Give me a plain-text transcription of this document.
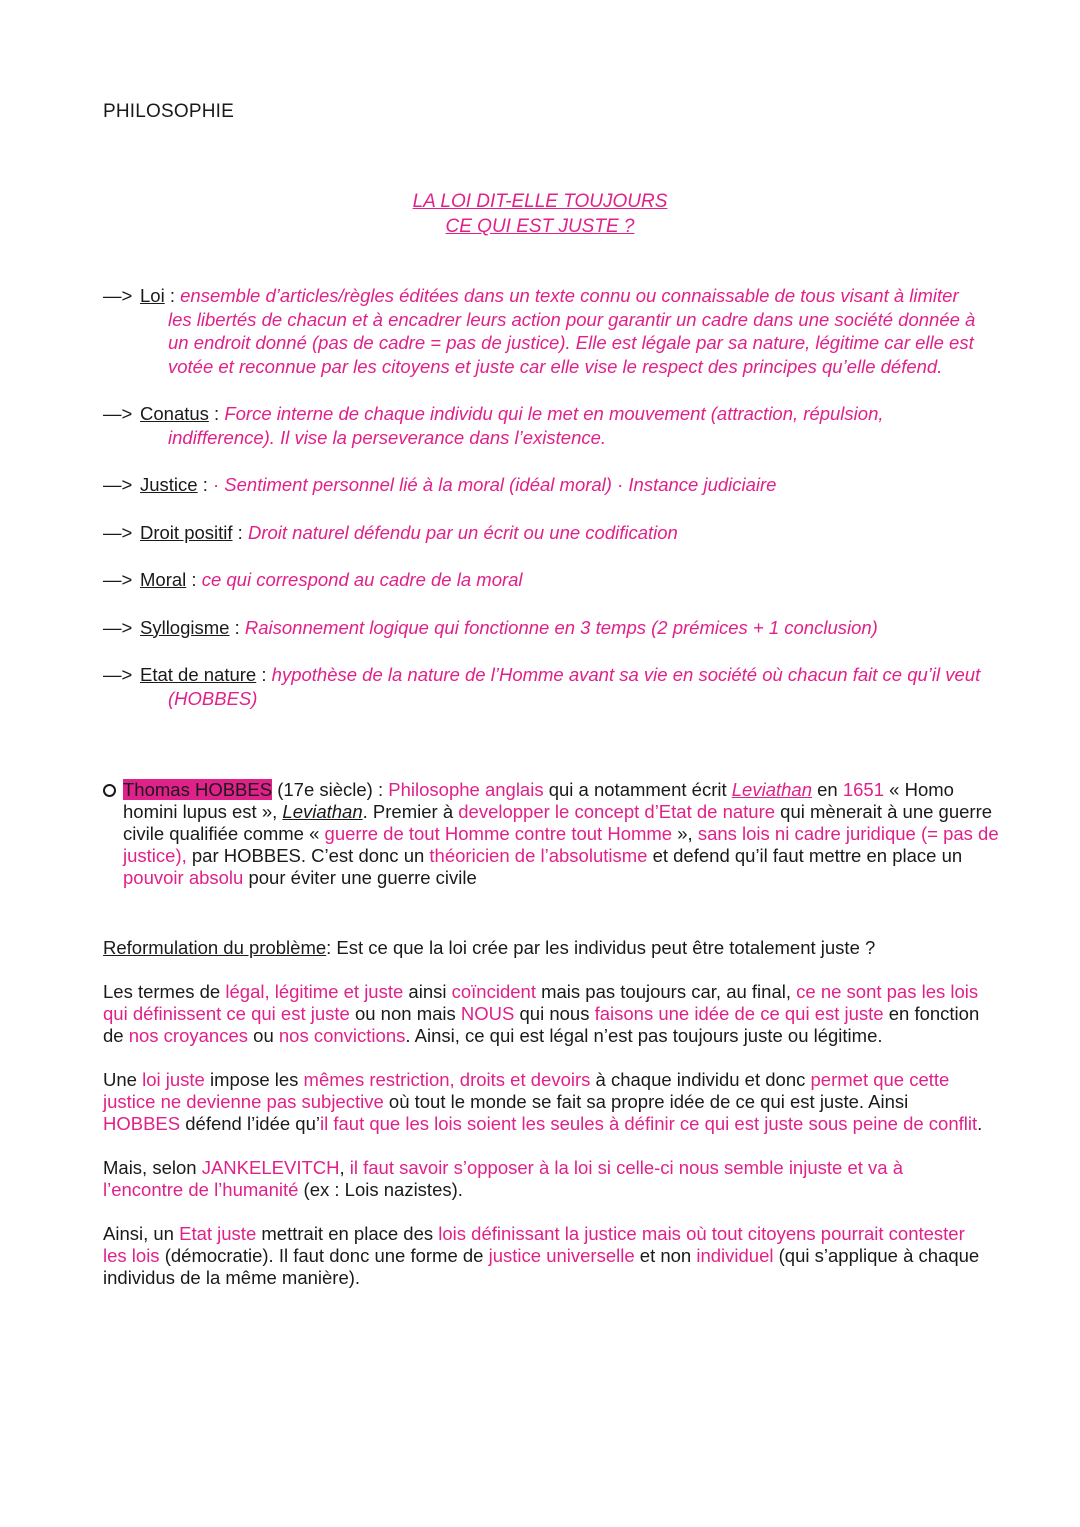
PHILOSOPHIE
LA LOI DIT-ELLE TOUJOURS
CE QUI EST JUSTE ?
—> Loi : ensemble d’articles/règles éditées dans un texte connu ou connaissable de tous visant à limiter les libertés de chacun et à encadrer leurs action pour garantir un cadre dans une société donnée à un endroit donné (pas de cadre = pas de justice). Elle est légale par sa nature, légitime car elle est votée et reconnue par les citoyens et juste car elle vise le respect des principes qu’elle défend.
—> Conatus : Force interne de chaque individu qui le met en mouvement (attraction, répulsion, indifference). Il vise la perseverance dans l’existence.
—> Justice : · Sentiment personnel lié à la moral (idéal moral) · Instance judiciaire
—> Droit positif : Droit naturel défendu par un écrit ou une codification
—> Moral : ce qui correspond au cadre de la moral
—> Syllogisme : Raisonnement logique qui fonctionne en 3 temps (2 prémices + 1 conclusion)
—> Etat de nature : hypothèse de la nature de l’Homme avant sa vie en société où chacun fait ce qu’il veut (HOBBES)
Thomas HOBBES (17e siècle) : Philosophe anglais qui a notamment écrit Leviathan en 1651 « Homo homini lupus est », Leviathan. Premier à developper le concept d’Etat de nature qui mènerait à une guerre civile qualifiée comme « guerre de tout Homme contre tout Homme », sans lois ni cadre juridique (= pas de justice), par HOBBES. C’est donc un théoricien de l’absolutisme et defend qu’il faut mettre en place un pouvoir absolu pour éviter une guerre civile

Reformulation du problème: Est ce que la loi crée par les individus peut être totalement juste ?

Les termes de légal, légitime et juste ainsi coïncident mais pas toujours car, au final, ce ne sont pas les lois qui définissent ce qui est juste ou non mais NOUS qui nous faisons une idée de ce qui est juste en fonction de nos croyances ou nos convictions. Ainsi, ce qui est légal n’est pas toujours juste ou légitime.

Une loi juste impose les mêmes restriction, droits et devoirs à chaque individu et donc permet que cette justice ne devienne pas subjective où tout le monde se fait sa propre idée de ce qui est juste. Ainsi HOBBES défend l’idée qu’il faut que les lois soient les seules à définir ce qui est juste sous peine de conflit.

Mais, selon JANKELEVITCH, il faut savoir s’opposer à la loi si celle-ci nous semble injuste et va à l’encontre de l’humanité (ex : Lois nazistes).

Ainsi, un Etat juste mettrait en place des lois définissant la justice mais où tout citoyens pourrait contester les lois (démocratie). Il faut donc une forme de justice universelle et non individuel (qui s’applique à chaque individus de la même manière).
